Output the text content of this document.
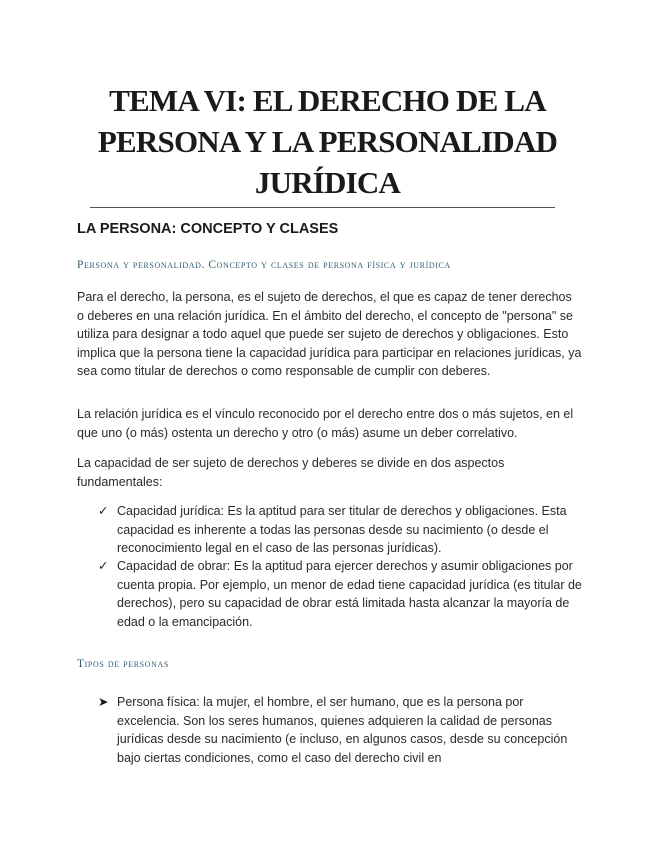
TEMA VI: EL DERECHO DE LA
PERSONA Y LA PERSONALIDAD
JURÍDICA
LA PERSONA: CONCEPTO Y CLASES
Persona y personalidad. Concepto y clases de persona física y jurídica
Para el derecho, la persona, es el sujeto de derechos, el que es capaz de tener derechos o deberes en una relación jurídica. En el ámbito del derecho, el concepto de "persona" se utiliza para designar a todo aquel que puede ser sujeto de derechos y obligaciones. Esto implica que la persona tiene la capacidad jurídica para participar en relaciones jurídicas, ya sea como titular de derechos o como responsable de cumplir con deberes.
La relación jurídica es el vínculo reconocido por el derecho entre dos o más sujetos, en el que uno (o más) ostenta un derecho y otro (o más) asume un deber correlativo.
La capacidad de ser sujeto de derechos y deberes se divide en dos aspectos fundamentales:
✓ Capacidad jurídica: Es la aptitud para ser titular de derechos y obligaciones. Esta capacidad es inherente a todas las personas desde su nacimiento (o desde el reconocimiento legal en el caso de las personas jurídicas).
✓ Capacidad de obrar: Es la aptitud para ejercer derechos y asumir obligaciones por cuenta propia. Por ejemplo, un menor de edad tiene capacidad jurídica (es titular de derechos), pero su capacidad de obrar está limitada hasta alcanzar la mayoría de edad o la emancipación.
Tipos de personas
➤ Persona física: la mujer, el hombre, el ser humano, que es la persona por excelencia. Son los seres humanos, quienes adquieren la calidad de personas jurídicas desde su nacimiento (e incluso, en algunos casos, desde su concepción bajo ciertas condiciones, como el caso del derecho civil en
